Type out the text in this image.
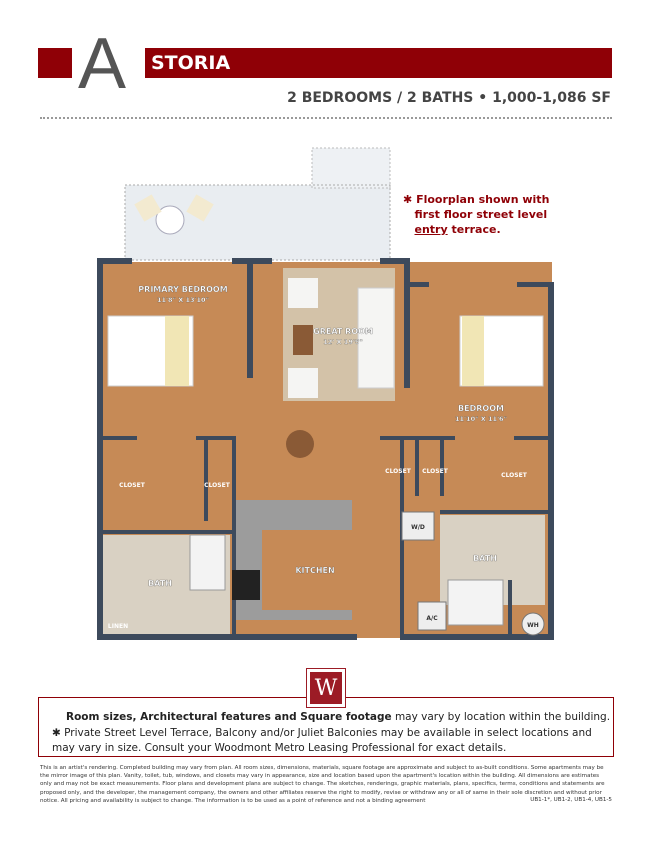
A STORIA
2 BEDROOMS / 2 BATHS • 1,000-1,086 SF
PRIMARY BEDROOM
11'8" X 13'10"
GREAT ROOM
12' X 19'5"
BEDROOM
11'10" X 11'6"
CLOSET	CLOSET
CLOSET CLOSET
CLOSET
KITCHEN
BATH
BATH
LINEN
W/D
A/C
WH
✱ Floorplan shown with
first floor street level
entry terrace.
W
Room sizes, Architectural features and Square footage may vary by location within the building.
✱ Private Street Level Terrace, Balcony and/or Juliet Balconies may be available in select locations and may vary in size. Consult your Woodmont Metro Leasing Professional for exact details.
This is an artist's rendering. Completed building may vary from plan. All room sizes, dimensions, materials, square footage are approximate and subject to as-built conditions. Some apartments may be the mirror image of this plan. Vanity, toilet, tub, windows, and closets may vary in appearance, size and location based upon the apartment's location within the building. All dimensions are estimates only and may not be exact measurements. Floor plans and development plans are subject to change. The sketches, renderings, graphic materials, plans, specifics, terms, conditions and statements are proposed only, and the developer, the management company, the owners and other affiliates reserve the right to modify, revise or withdraw any or all of same in their sole discretion and without prior notice. All pricing and availability is subject to change. The information is to be used as a point of reference and not a binding agreement	UB1-1*, UB1-2, UB1-4, UB1-5
